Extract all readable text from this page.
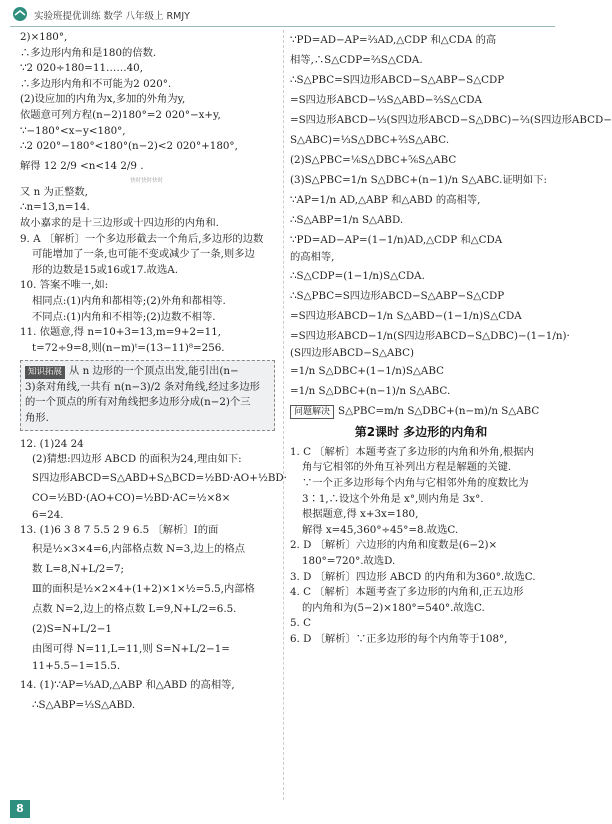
实验班提优训练 数学 八年级上 RMJY
2)×180°,
∴多边形内角和是180的倍数.
∵2 020÷180=11……40,
∴多边形内角和不可能为2 020°.
(2)设应加的内角为x,多加的外角为y,
依题意可列方程(n−2)180°=2 020°−x+y,
∵−180°<x−y<180°,
∴2 020°−180°<180°(n−2)<2 020°+180°,
解得 12 2/9 <n<14 2/9 .
快时快时快时
又 n 为正整数,
∴n=13,n=14.
故小嘉求的是十三边形或十四边形的内角和.
9. A 〔解析〕一个多边形截去一个角后,多边形的边数
可能增加了一条,也可能不变或减少了一条,则多边
形的边数是15或16或17.故选A.
10. 答案不唯一,如:
相同点:(1)内角和都相等;(2)外角和都相等.
不同点:(1)内角和不相等;(2)边数不相等.
11. 依题意,得 n=10+3=13,m=9+2=11,
t=72÷9=8,则(n−m)ᵗ=(13−11)⁸=256.
知识拓展 从 n 边形的一个顶点出发,能引出(n−
3)条对角线,一共有 n(n−3)/2 条对角线,经过多边形
的一个顶点的所有对角线把多边形分成(n−2)个三
角形.
12. (1)24 24
(2)猜想:四边形 ABCD 的面积为24,理由如下:
S四边形ABCD=S△ABD+S△BCD=½BD·AO+½BD·
CO=½BD·(AO+CO)=½BD·AC=½×8×
6=24.
13. (1)6 3 8 7 5.5 2 9 6.5 〔解析〕Ⅰ的面
积是½×3×4=6,内部格点数 N=3,边上的格点
数 L=8,N+L/2=7;
Ⅲ的面积是½×2×4+(1+2)×1×½=5.5,内部格
点数 N=2,边上的格点数 L=9,N+L/2=6.5.
(2)S=N+L/2−1
由图可得 N=11,L=11,则 S=N+L/2−1=
11+5.5−1=15.5.
14. (1)∵AP=⅓AD,△ABP 和△ABD 的高相等,
∴S△ABP=⅓S△ABD.
∵PD=AD−AP=⅔AD,△CDP 和△CDA 的高
相等,∴S△CDP=⅔S△CDA.
∴S△PBC=S四边形ABCD−S△ABP−S△CDP
=S四边形ABCD−⅓S△ABD−⅔S△CDA
=S四边形ABCD−⅓(S四边形ABCD−S△DBC)−⅔(S四边形ABCD−
S△ABC)=⅓S△DBC+⅔S△ABC.
(2)S△PBC=⅙S△DBC+⅚S△ABC
(3)S△PBC=1/n S△DBC+(n−1)/n S△ABC.证明如下:
∵AP=1/n AD,△ABP 和△ABD 的高相等,
∴S△ABP=1/n S△ABD.
∵PD=AD−AP=(1−1/n)AD,△CDP 和△CDA
的高相等,
∴S△CDP=(1−1/n)S△CDA.
∴S△PBC=S四边形ABCD−S△ABP−S△CDP
=S四边形ABCD−1/n S△ABD−(1−1/n)S△CDA
=S四边形ABCD−1/n(S四边形ABCD−S△DBC)−(1−1/n)·
(S四边形ABCD−S△ABC)
=1/n S△DBC+(1−1/n)S△ABC
=1/n S△DBC+(n−1)/n S△ABC.
问题解决 S△PBC=m/n S△DBC+(n−m)/n S△ABC
第2课时 多边形的内角和
1. C 〔解析〕本题考查了多边形的内角和外角,根据内
角与它相邻的外角互补列出方程是解题的关键.
∵一个正多边形每个内角与它相邻外角的度数比为
3∶1,∴设这个外角是 x°,则内角是 3x°.
根据题意,得 x+3x=180,
解得 x=45,360°÷45°=8.故选C.
2. D 〔解析〕六边形的内角和度数是(6−2)×
180°=720°.故选D.
3. D 〔解析〕四边形 ABCD 的内角和为360°.故选C.
4. C 〔解析〕本题考查了多边形的内角和,正五边形
的内角和为(5−2)×180°=540°.故选C.
5. C
6. D 〔解析〕∵正多边形的每个内角等于108°,
8
